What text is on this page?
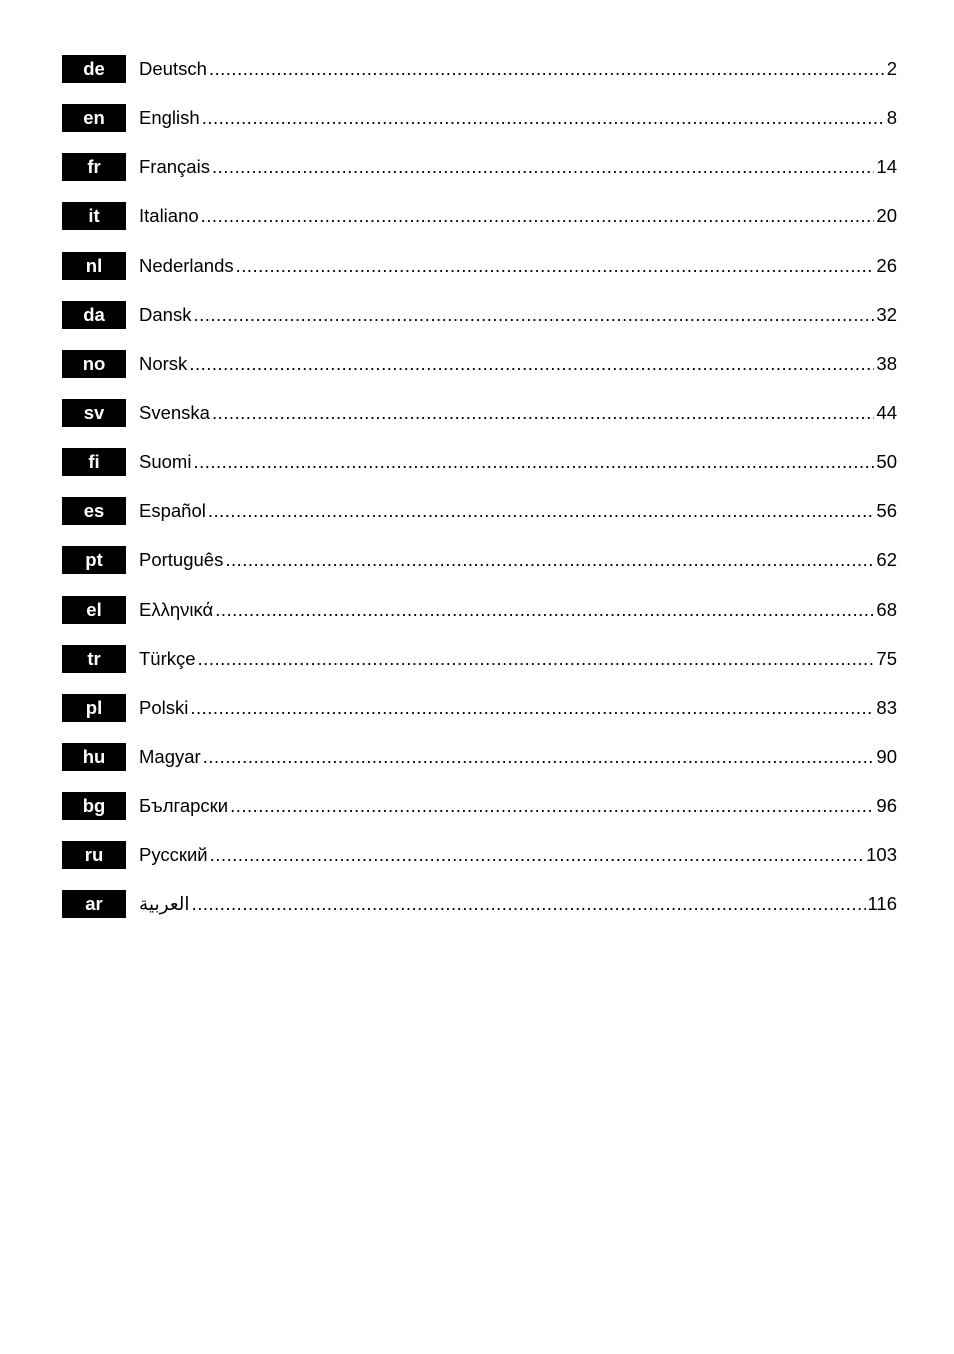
de	Deutsch .....	2
en	English .....	8
fr	Français .....	14
it	Italiano .....	20
nl	Nederlands .....	26
da	Dansk .....	32
no	Norsk .....	38
sv	Svenska .....	44
fi	Suomi .....	50
es	Español .....	56
pt	Português .....	62
el	Ελληνικά .....	68
tr	Türkçe .....	75
pl	Polski .....	83
hu	Magyar .....	90
bg	Български .....	96
ru	Русский .....	103
ar	العربية .....	116
